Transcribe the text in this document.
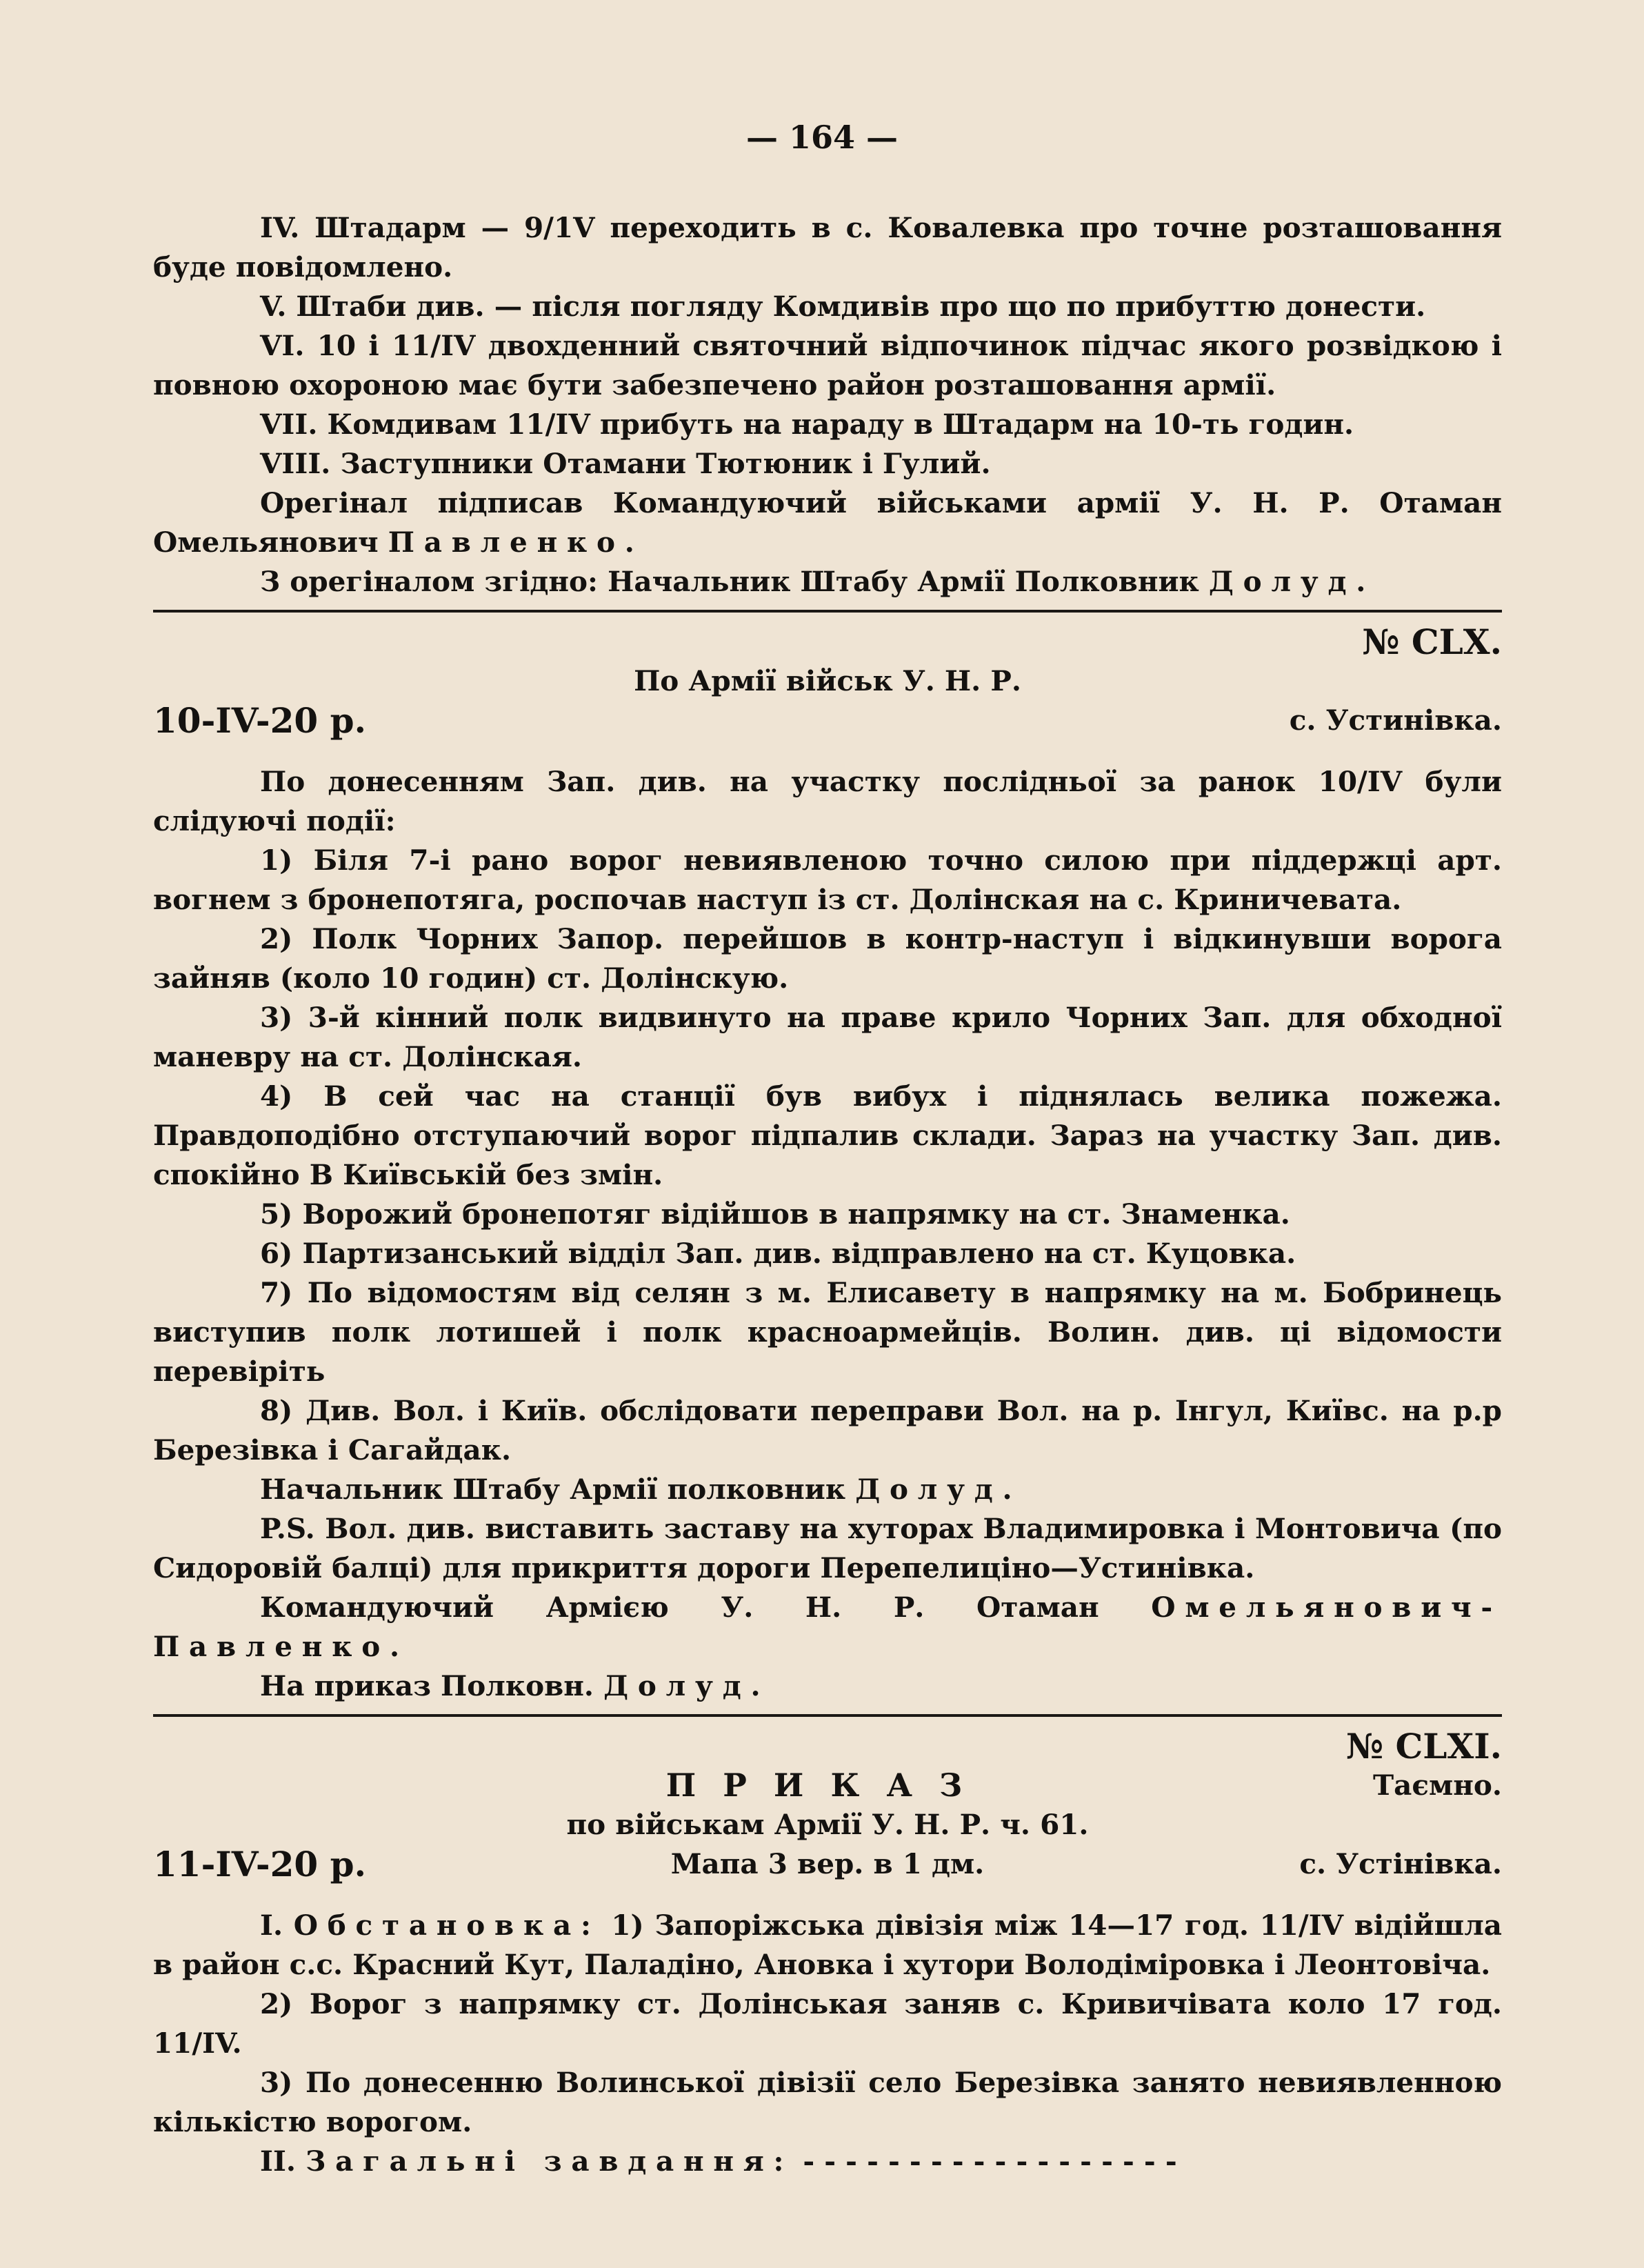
— 164 —

IV. Штадарм — 9/1V переходить в с. Ковалевка про точне розташовання буде повідомлено.

V. Штаби див. — після погляду Комдивів про що по прибуттю донести.

VI. 10 і 11/IV двохденний святочний відпочинок підчас якого розвідкою і повною охороною має бути забезпечено район розташовання армії.

VII. Комдивам 11/IV прибуть на нараду в Штадарм на 10-ть годин.

VIII. Заступники Отамани Тютюник і Гулий.

Орегінал підписав Командуючий військами армії У. Н. Р. Отаман Омельянович Павленко.

З орегіналом згідно: Начальник Штабу Армії Полковник Долуд.

№ CLX.
По Армії військ У. Н. Р.
10-IV-20 р.	с. Устинівка.

По донесенням Зап. див. на участку послідньої за ранок 10/IV були слідуючі події:

1) Біля 7-і рано ворог невиявленою точно силою при піддержці арт. вогнем з бронепотяга, роспочав наступ із ст. Долінская на с. Криничевата.

2) Полк Чорних Запор. перейшов в контр-наступ і відкинувши ворога зайняв (коло 10 годин) ст. Долінскую.

3) 3-й кінний полк видвинуто на праве крило Чорних Зап. для обходної маневру на ст. Долінская.

4) В сей час на станції був вибух і піднялась велика пожежа. Правдоподібно отступаючий ворог підпалив склади. Зараз на участку Зап. див. спокійно В Київській без змін.

5) Ворожий бронепотяг відійшов в напрямку на ст. Знаменка.

6) Партизанський відділ Зап. див. відправлено на ст. Куцовка.

7) По відомостям від селян з м. Елисавету в напрямку на м. Бобринець виступив полк лотишей і полк красноармейців. Волин. див. ці відомости перевіріть

8) Див. Вол. і Київ. обслідовати переправи Вол. на р. Інгул, Київс. на р.р Березівка і Сагайдак.

Начальник Штабу Армії полковник Долуд.

P.S. Вол. див. виставить заставу на хуторах Владимировка і Монтовича (по Сидоровій балці) для прикриття дороги Перепелиціно—Устинівка.

Командуючий Армією У. Н. Р. Отаман Омельянович-Павленко.

На приказ Полковн. Долуд.

№ CLXI.
ПРИКАЗ	Таємно.
по військам Армії У. Н. Р. ч. 61.
11-IV-20 р.	Мапа 3 вер. в 1 дм.	с. Устінівка.

I. Обстановка: 1) Запоріжська дівізія між 14—17 год. 11/IV відійшла в район с.с. Красний Кут, Паладіно, Ановка і хутори Володіміровка і Леонтовіча.

2) Ворог з напрямку ст. Долінськая заняв с. Кривичівата коло 17 год. 11/IV.

3) По донесенню Волинської дівізії село Березівка занято невиявленною кількістю ворогом.

II. Загальні завдання: - - - - - - - - - - - - - - - - - -
